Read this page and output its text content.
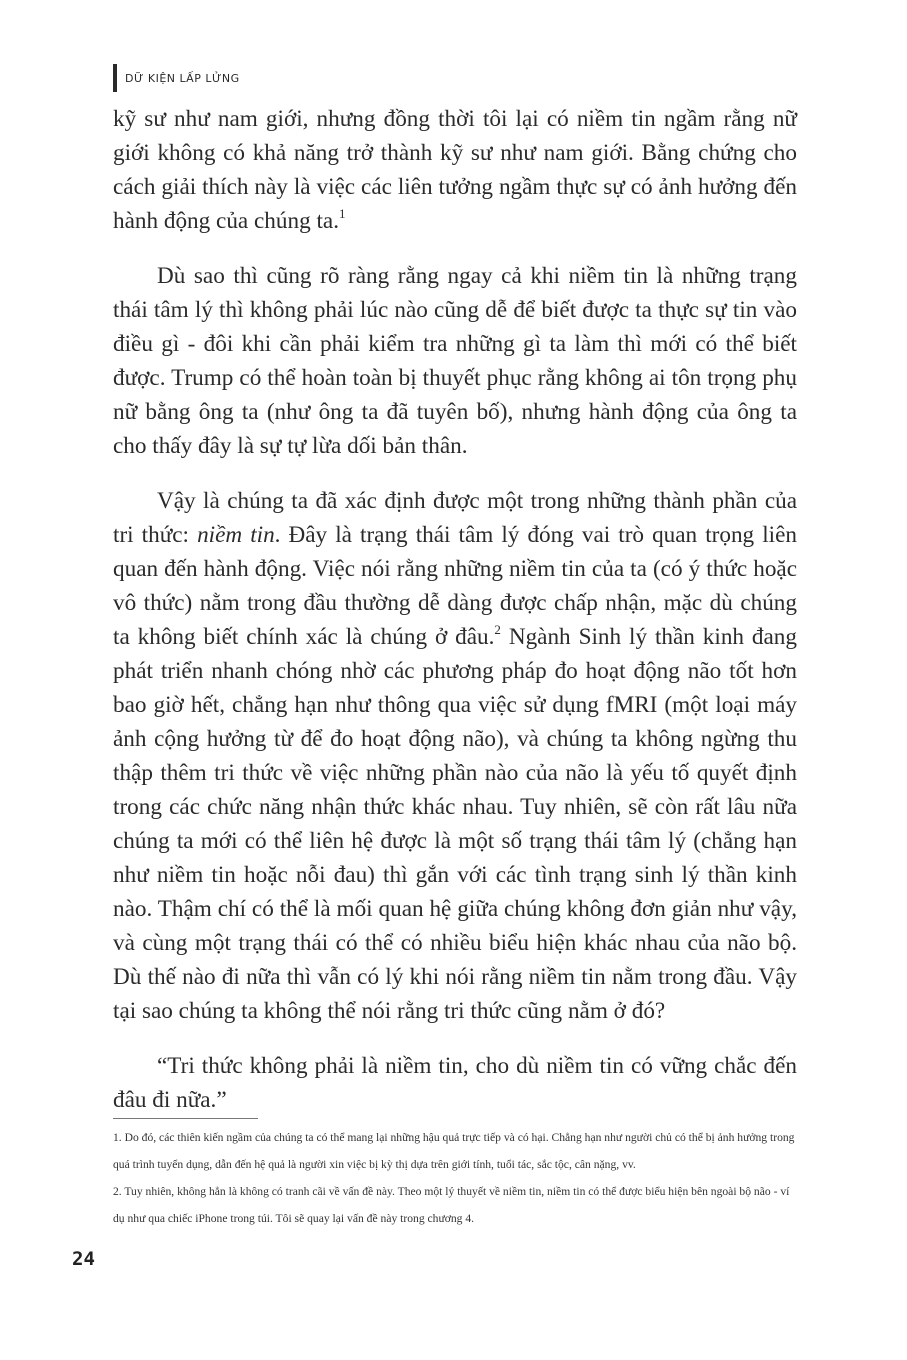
DỮ KIỆN LẤP LỬNG

kỹ sư như nam giới, nhưng đồng thời tôi lại có niềm tin ngầm rằng nữ giới không có khả năng trở thành kỹ sư như nam giới. Bằng chứng cho cách giải thích này là việc các liên tưởng ngầm thực sự có ảnh hưởng đến hành động của chúng ta.$^1$

Dù sao thì cũng rõ ràng rằng ngay cả khi niềm tin là những trạng thái tâm lý thì không phải lúc nào cũng dễ để biết được ta thực sự tin vào điều gì - đôi khi cần phải kiểm tra những gì ta làm thì mới có thể biết được. Trump có thể hoàn toàn bị thuyết phục rằng không ai tôn trọng phụ nữ bằng ông ta (như ông ta đã tuyên bố), nhưng hành động của ông ta cho thấy đây là sự tự lừa dối bản thân.

Vậy là chúng ta đã xác định được một trong những thành phần của tri thức: niềm tin. Đây là trạng thái tâm lý đóng vai trò quan trọng liên quan đến hành động. Việc nói rằng những niềm tin của ta (có ý thức hoặc vô thức) nằm trong đầu thường dễ dàng được chấp nhận, mặc dù chúng ta không biết chính xác là chúng ở đâu.$^2$ Ngành Sinh lý thần kinh đang phát triển nhanh chóng nhờ các phương pháp đo hoạt động não tốt hơn bao giờ hết, chẳng hạn như thông qua việc sử dụng fMRI (một loại máy ảnh cộng hưởng từ để đo hoạt động não), và chúng ta không ngừng thu thập thêm tri thức về việc những phần nào của não là yếu tố quyết định trong các chức năng nhận thức khác nhau. Tuy nhiên, sẽ còn rất lâu nữa chúng ta mới có thể liên hệ được là một số trạng thái tâm lý (chẳng hạn như niềm tin hoặc nỗi đau) thì gắn với các tình trạng sinh lý thần kinh nào. Thậm chí có thể là mối quan hệ giữa chúng không đơn giản như vậy, và cùng một trạng thái có thể có nhiều biểu hiện khác nhau của não bộ. Dù thế nào đi nữa thì vẫn có lý khi nói rằng niềm tin nằm trong đầu. Vậy tại sao chúng ta không thể nói rằng tri thức cũng nằm ở đó?

“Tri thức không phải là niềm tin, cho dù niềm tin có vững chắc đến đâu đi nữa.”

1. Do đó, các thiên kiến ngầm của chúng ta có thể mang lại những hậu quả trực tiếp và có hại. Chẳng hạn như người chủ có thể bị ảnh hưởng trong quá trình tuyển dụng, dẫn đến hệ quả là người xin việc bị kỳ thị dựa trên giới tính, tuổi tác, sắc tộc, cân nặng, vv.

2. Tuy nhiên, không hẳn là không có tranh cãi về vấn đề này. Theo một lý thuyết về niềm tin, niềm tin có thể được biểu hiện bên ngoài bộ não - ví dụ như qua chiếc iPhone trong túi. Tôi sẽ quay lại vấn đề này trong chương 4.

24
